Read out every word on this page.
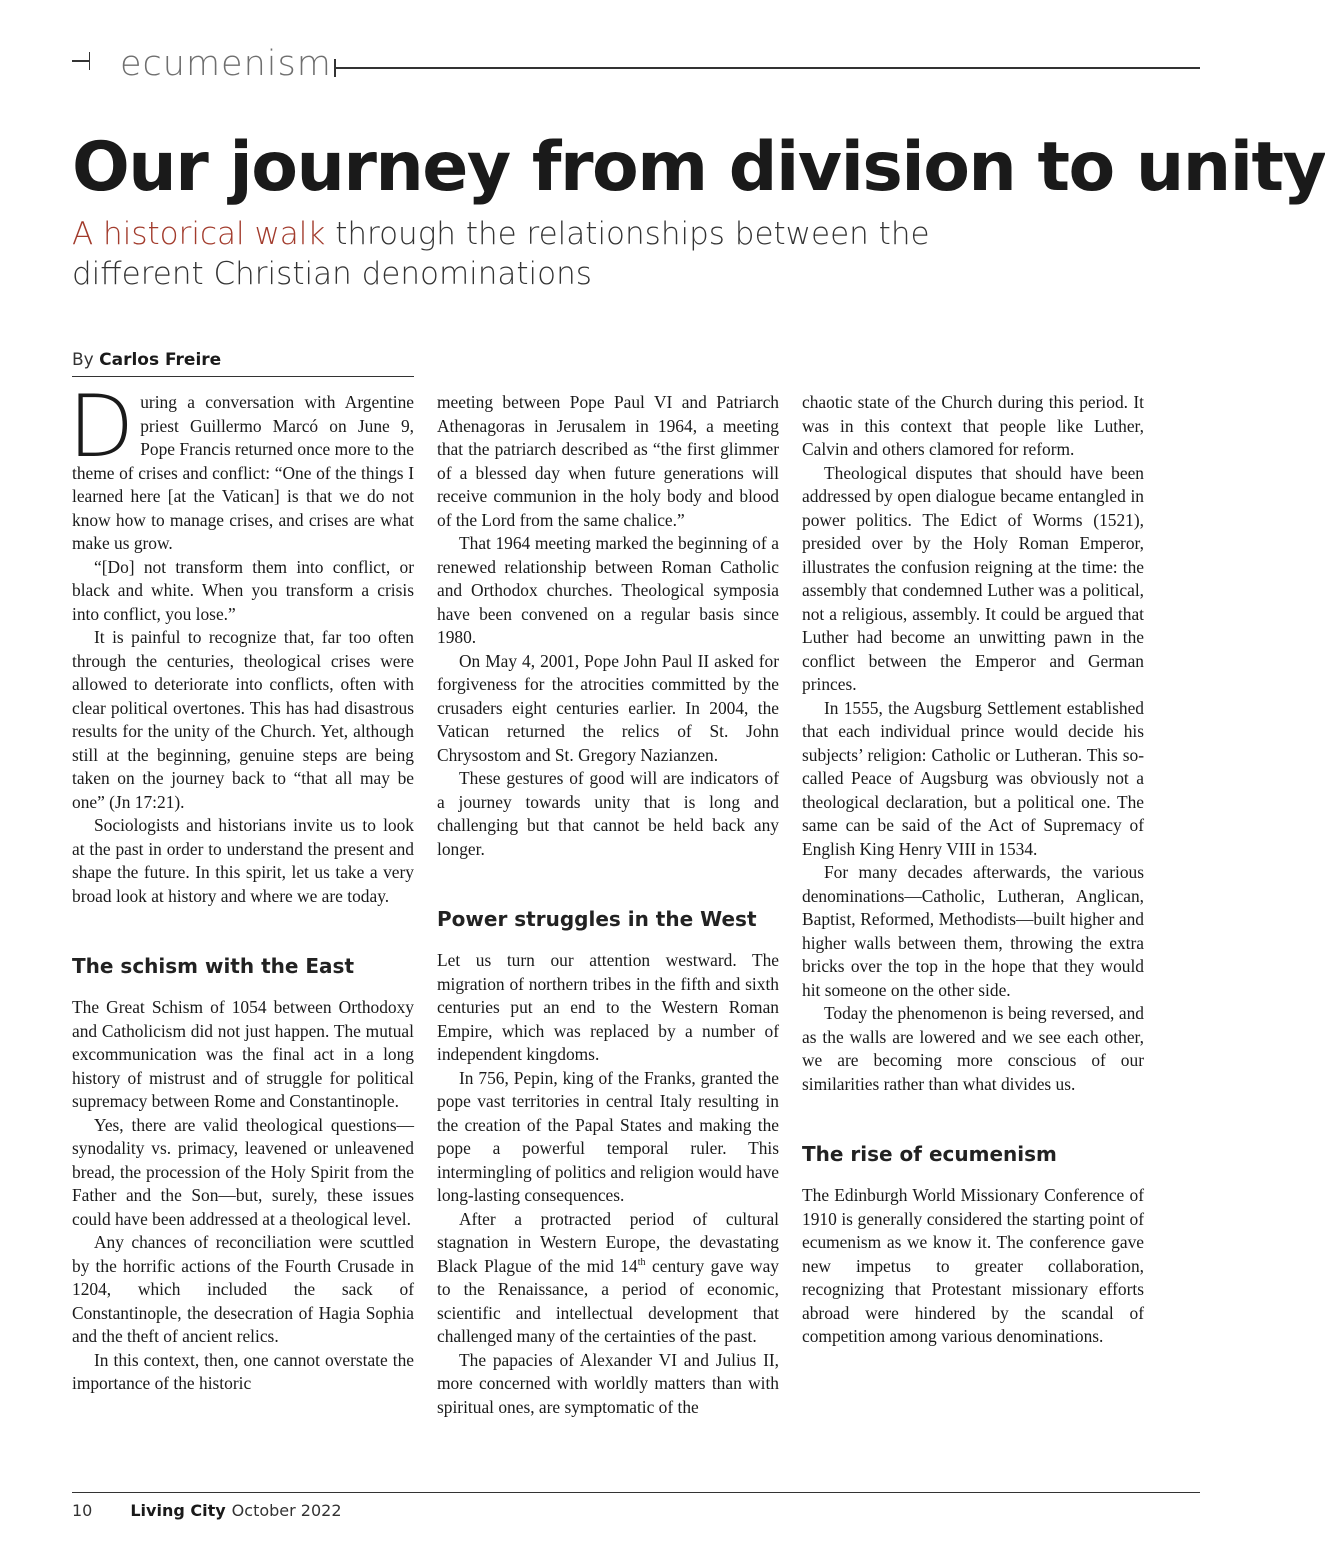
ecumenism
Our journey from division to unity

A historical walk through the relationships between the different Christian denominations

By Carlos Freire

During a conversation with Argentine priest Guillermo Marcó on June 9, Pope Francis returned once more to the theme of crises and conflict: “One of the things I learned here [at the Vatican] is that we do not know how to manage crises, and crises are what make us grow.

“[Do] not transform them into conflict, or black and white. When you transform a crisis into conflict, you lose.”

It is painful to recognize that, far too often through the centuries, theological crises were allowed to deteriorate into conflicts, often with clear political overtones. This has had disastrous results for the unity of the Church. Yet, although still at the beginning, genuine steps are being taken on the journey back to “that all may be one” (Jn 17:21).

Sociologists and historians invite us to look at the past in order to understand the present and shape the future. In this spirit, let us take a very broad look at history and where we are today.

The schism with the East

The Great Schism of 1054 between Orthodoxy and Catholicism did not just happen. The mutual excommunication was the final act in a long history of mistrust and of struggle for political supremacy between Rome and Constantinople.

Yes, there are valid theological questions—synodality vs. primacy, leavened or unleavened bread, the procession of the Holy Spirit from the Father and the Son—but, surely, these issues could have been addressed at a theological level.

Any chances of reconciliation were scuttled by the horrific actions of the Fourth Crusade in 1204, which included the sack of Constantinople, the desecration of Hagia Sophia and the theft of ancient relics.

In this context, then, one cannot overstate the importance of the historic

meeting between Pope Paul VI and Patriarch Athenagoras in Jerusalem in 1964, a meeting that the patriarch described as “the first glimmer of a blessed day when future generations will receive communion in the holy body and blood of the Lord from the same chalice.”

That 1964 meeting marked the beginning of a renewed relationship between Roman Catholic and Orthodox churches. Theological symposia have been convened on a regular basis since 1980.

On May 4, 2001, Pope John Paul II asked for forgiveness for the atrocities committed by the crusaders eight centuries earlier. In 2004, the Vatican returned the relics of St. John Chrysostom and St. Gregory Nazianzen.

These gestures of good will are indicators of a journey towards unity that is long and challenging but that cannot be held back any longer.

Power struggles in the West

Let us turn our attention westward. The migration of northern tribes in the fifth and sixth centuries put an end to the Western Roman Empire, which was replaced by a number of independent kingdoms.

In 756, Pepin, king of the Franks, granted the pope vast territories in central Italy resulting in the creation of the Papal States and making the pope a powerful temporal ruler. This intermingling of politics and religion would have long-lasting consequences.

After a protracted period of cultural stagnation in Western Europe, the devastating Black Plague of the mid 14th century gave way to the Renaissance, a period of economic, scientific and intellectual development that challenged many of the certainties of the past.

The papacies of Alexander VI and Julius II, more concerned with worldly matters than with spiritual ones, are symptomatic of the

chaotic state of the Church during this period. It was in this context that people like Luther, Calvin and others clamored for reform.

Theological disputes that should have been addressed by open dialogue became entangled in power politics. The Edict of Worms (1521), presided over by the Holy Roman Emperor, illustrates the confusion reigning at the time: the assembly that condemned Luther was a political, not a religious, assembly. It could be argued that Luther had become an unwitting pawn in the conflict between the Emperor and German princes.

In 1555, the Augsburg Settlement established that each individual prince would decide his subjects’ religion: Catholic or Lutheran. This so-called Peace of Augsburg was obviously not a theological declaration, but a political one. The same can be said of the Act of Supremacy of English King Henry VIII in 1534.

For many decades afterwards, the various denominations—Catholic, Lutheran, Anglican, Baptist, Reformed, Methodists—built higher and higher walls between them, throwing the extra bricks over the top in the hope that they would hit someone on the other side.

Today the phenomenon is being reversed, and as the walls are lowered and we see each other, we are becoming more conscious of our similarities rather than what divides us.

The rise of ecumenism

The Edinburgh World Missionary Conference of 1910 is generally considered the starting point of ecumenism as we know it. The conference gave new impetus to greater collaboration, recognizing that Protestant missionary efforts abroad were hindered by the scandal of competition among various denominations.

10 Living City October 2022
